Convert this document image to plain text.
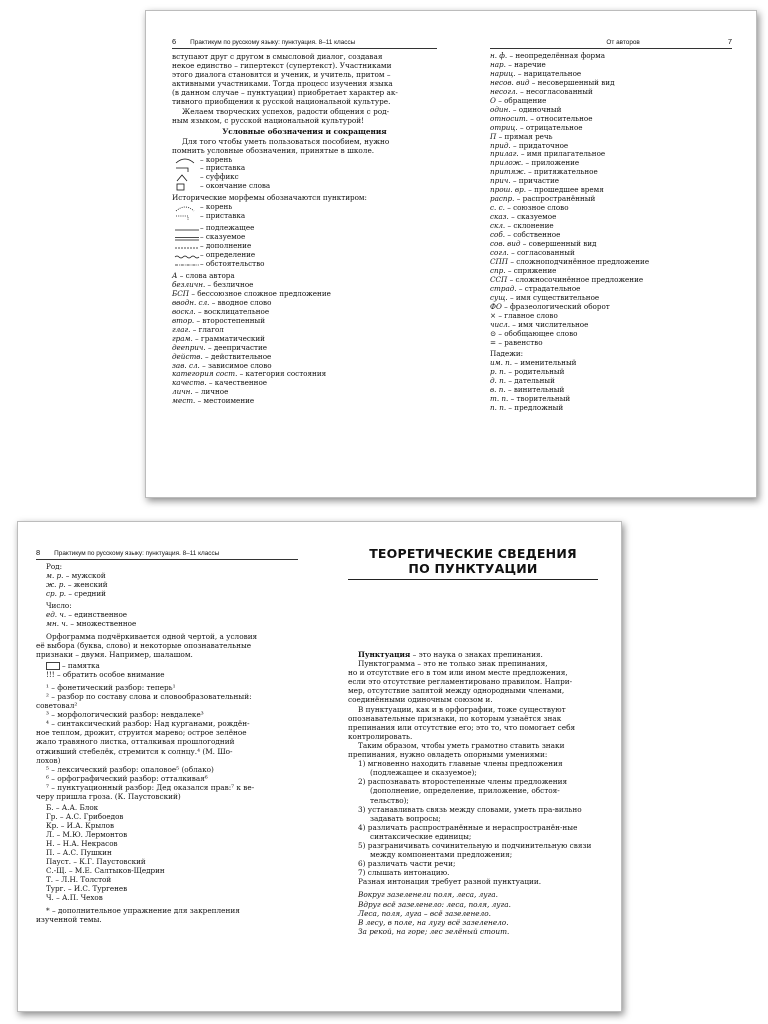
6 Практикум по русскому языку: пунктуация. 8–11 классы
вступают друг с другом в смысловой диалог, создавая
некое единство – гипертекст (супертекст). Участниками
этого диалога становятся и ученик, и учитель, притом –
активными участниками. Тогда процесс изучения языка
(в данном случае – пунктуации) приобретает характер ак-
тивного приобщения к русской национальной культуре.
Желаем творческих успехов, радости общения с род-
ным языком, с русской национальной культурой!
Условные обозначения и сокращения
Для того чтобы уметь пользоваться пособием, нужно
помнить условные обозначения, принятые в школе.
– корень
– приставка
– суффикс
– окончание слова
Исторические морфемы обозначаются пунктиром:
– корень
– приставка
– подлежащее
– сказуемое
– дополнение
– определение
– обстоятельство
А – слова автора
безличн. – безличное
БСП – бессоюзное сложное предложение
вводн. сл. – вводное слово
воскл. – восклицательное
втор. – второстепенный
глаг. – глагол
грам. – грамматический
дееприч. – деепричастие
действ. – действительное
зав. сл. – зависимое слово
категория сост. – категория состояния
качеств. – качественное
личн. – личное
мест. – местоимение
От авторов	7
н. ф. – неопределённая форма
нар. – наречие
нариц. – нарицательное
несов. вид – несовершенный вид
несогл. – несогласованный
О – обращение
один. – одиночный
относит. – относительное
отриц. – отрицательное
П – прямая речь
прид. – придаточное
прилаг. – имя прилагательное
прилож. – приложение
притяж. – притяжательное
прич. – причастие
прош. вр. – прошедшее время
распр. – распространённый
с. с. – союзное слово
сказ. – сказуемое
скл. – склонение
соб. – собственное
сов. вид – совершенный вид
согл. – согласованный
СПП – сложноподчинённое предложение
спр. – спряжение
ССП – сложносочинённое предложение
страд. – страдательное
сущ. – имя существительное
ФО – фразеологический оборот
× – главное слово
числ. – имя числительное
⊙ – обобщающее слово
= – равенство
Падежи:
им. п. – именительный
р. п. – родительный
д. п. – дательный
в. п. – винительный
т. п. – творительный
п. п. – предложный
8 Практикум по русскому языку: пунктуация. 8–11 классы
Род:
м. р. – мужской
ж. р. – женский
ср. р. – средний
Число:
ед. ч. – единственное
мн. ч. – множественное
Орфограмма подчёркивается одной чертой, а условия
её выбора (буква, слово) и некоторые опознавательные
признаки – двумя. Например, шалашом.
– памятка
!!! – обратить особое внимание
¹ – фонетический разбор: теперь¹
² – разбор по составу слова и словообразовательный:
советовал²
³ – морфологический разбор: невдалеке³
⁴ – синтаксический разбор: Над курганами, рождён-
ное теплом, дрожит, струится марево; острое зелёное
жало травяного листка, отталкивая прошлогодний
отживший стебелёк, стремится к солнцу.⁴ (М. Шо-
лохов)
⁵ – лексический разбор: опаловое⁵ (облако)
⁶ – орфографический разбор: отталкивая⁶
⁷ – пунктуационный разбор: Дед оказался прав:⁷ к ве-
черу пришла гроза. (К. Паустовский)
Б. – А.А. Блок
Гр. – А.С. Грибоедов
Кр. – И.А. Крылов
Л. – М.Ю. Лермонтов
Н. – Н.А. Некрасов
П. – А.С. Пушкин
Пауст. – К.Г. Паустовский
С.-Щ. – М.Е. Салтыков-Щедрин
Т. – Л.Н. Толстой
Тург. – И.С. Тургенев
Ч. – А.П. Чехов
* – дополнительное упражнение для закрепления
изученной темы.
ТЕОРЕТИЧЕСКИЕ СВЕДЕНИЯ
ПО ПУНКТУАЦИИ

Пунктуация – это наука о знаках препинания.

Пунктограмма – это не только знак препинания,
но и отсутствие его в том или ином месте предложения,
если это отсутствие регламентировано правилом. Напри-
мер, отсутствие запятой между однородными членами,
соединёнными одиночным союзом и.
В пунктуации, как и в орфографии, тоже существуют
опознавательные признаки, по которым узнаётся знак
препинания или отсутствие его; это то, что помогает себя
контролировать.
Таким образом, чтобы уметь грамотно ставить знаки
препинания, нужно овладеть опорными умениями:
1) мгновенно находить главные члены предложения (подлежащее и сказуемое);
2) распознавать второстепенные члены предложения (дополнение, определение, приложение, обстоя-тельство);
3) устанавливать связь между словами, уметь пра-вильно задавать вопросы;
4) различать распространённые и нераспространён-ные синтаксические единицы;
5) разграничивать сочинительную и подчинительную связи между компонентами предложения;
6) различать части речи;
7) слышать интонацию.

Разная интонация требует разной пунктуации.

Вокруг зазеленели поля, леса, луга.
Вдруг всё зазеленело: леса, поля, луга.
Леса, поля, луга – всё зазеленело.
В лесу, в поле, на лугу всё зазеленело.
За рекой, на горе; лес зелёный стоит.
